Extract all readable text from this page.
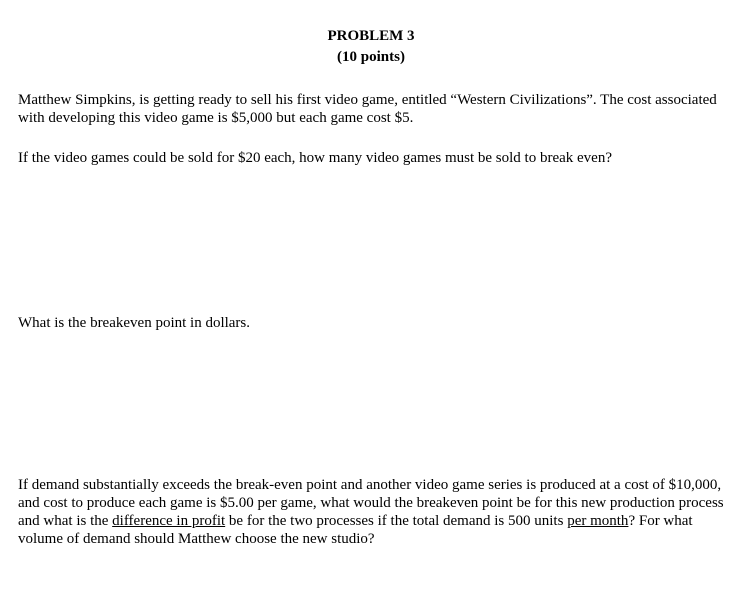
PROBLEM 3
(10 points)
Matthew Simpkins, is getting ready to sell his first video game, entitled “Western Civilizations”. The cost associated with developing this video game is $5,000 but each game cost $5.
If the video games could be sold for $20 each, how many video games must be sold to break even?
What is the breakeven point in dollars.
If demand substantially exceeds the break-even point and another video game series is produced at a cost of $10,000, and cost to produce each game is $5.00 per game, what would the breakeven point be for this new production process and what is the difference in profit be for the two processes if the total demand is 500 units per month? For what volume of demand should Matthew choose the new studio?
